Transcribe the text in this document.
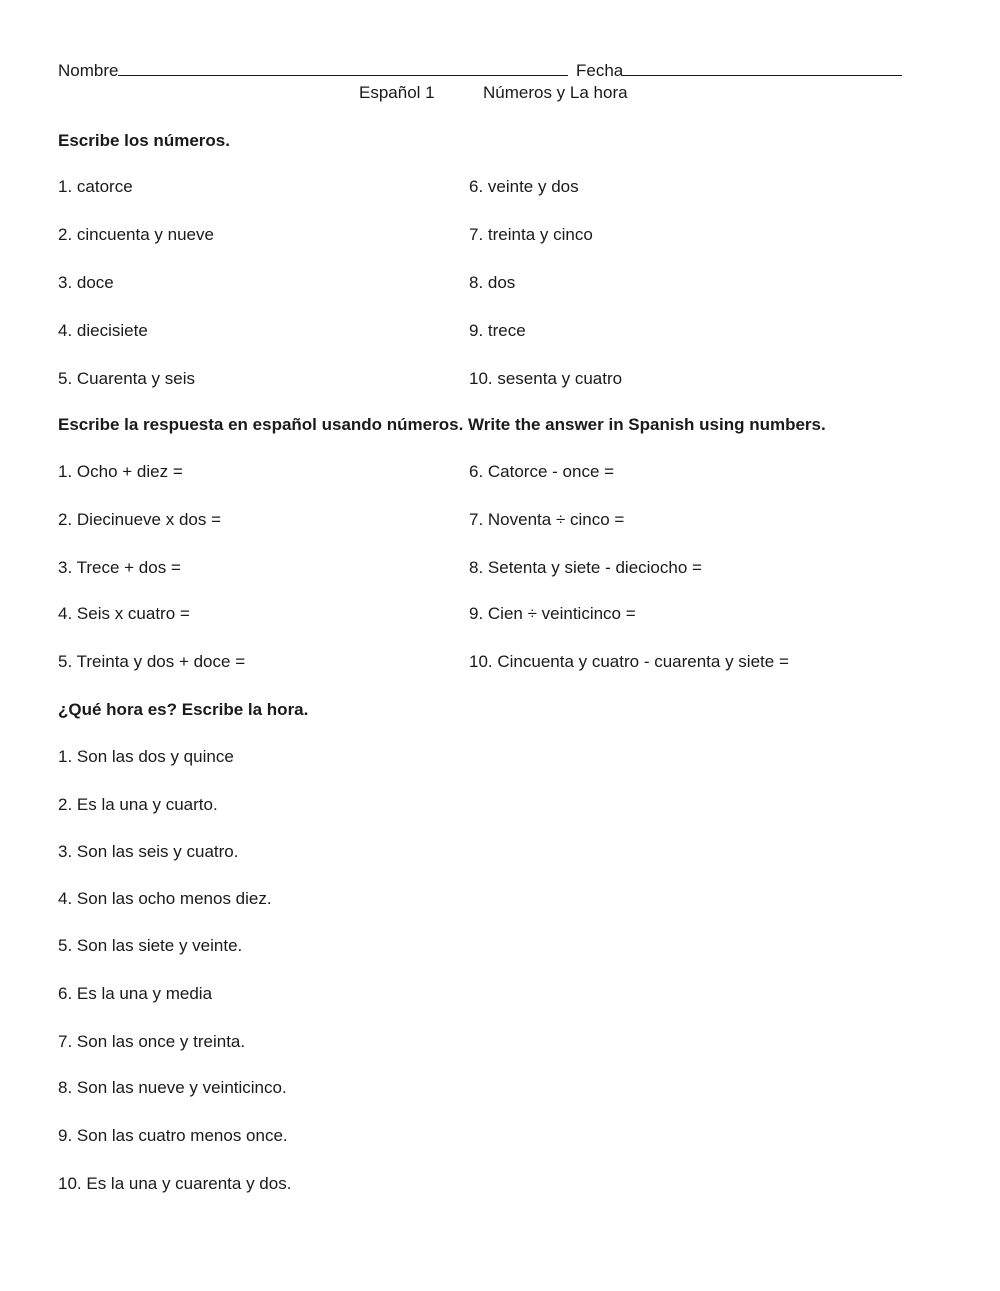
Nombre	Fecha
Español 1	Números y La hora
Escribe los números.
1. catorce
2. cincuenta y nueve
3. doce
4. diecisiete
5. Cuarenta y seis
6. veinte y dos
7. treinta y cinco
8. dos
9. trece
10. sesenta y cuatro
Escribe la respuesta en español usando números. Write the answer in Spanish using numbers.
1. Ocho + diez =
2. Diecinueve x dos =
3. Trece + dos =
4. Seis x cuatro =
5. Treinta y dos + doce =
6. Catorce - once =
7. Noventa ÷ cinco =
8. Setenta y siete - dieciocho =
9. Cien ÷ veinticinco =
10. Cincuenta y cuatro - cuarenta y siete =
¿Qué hora es? Escribe la hora.
1. Son las dos y quince
2. Es la una y cuarto.
3. Son las seis y cuatro.
4. Son las ocho menos diez.
5. Son las siete y veinte.
6. Es la una y media
7. Son las once y treinta.
8. Son las nueve y veinticinco.
9. Son las cuatro menos once.
10. Es la una y cuarenta y dos.
